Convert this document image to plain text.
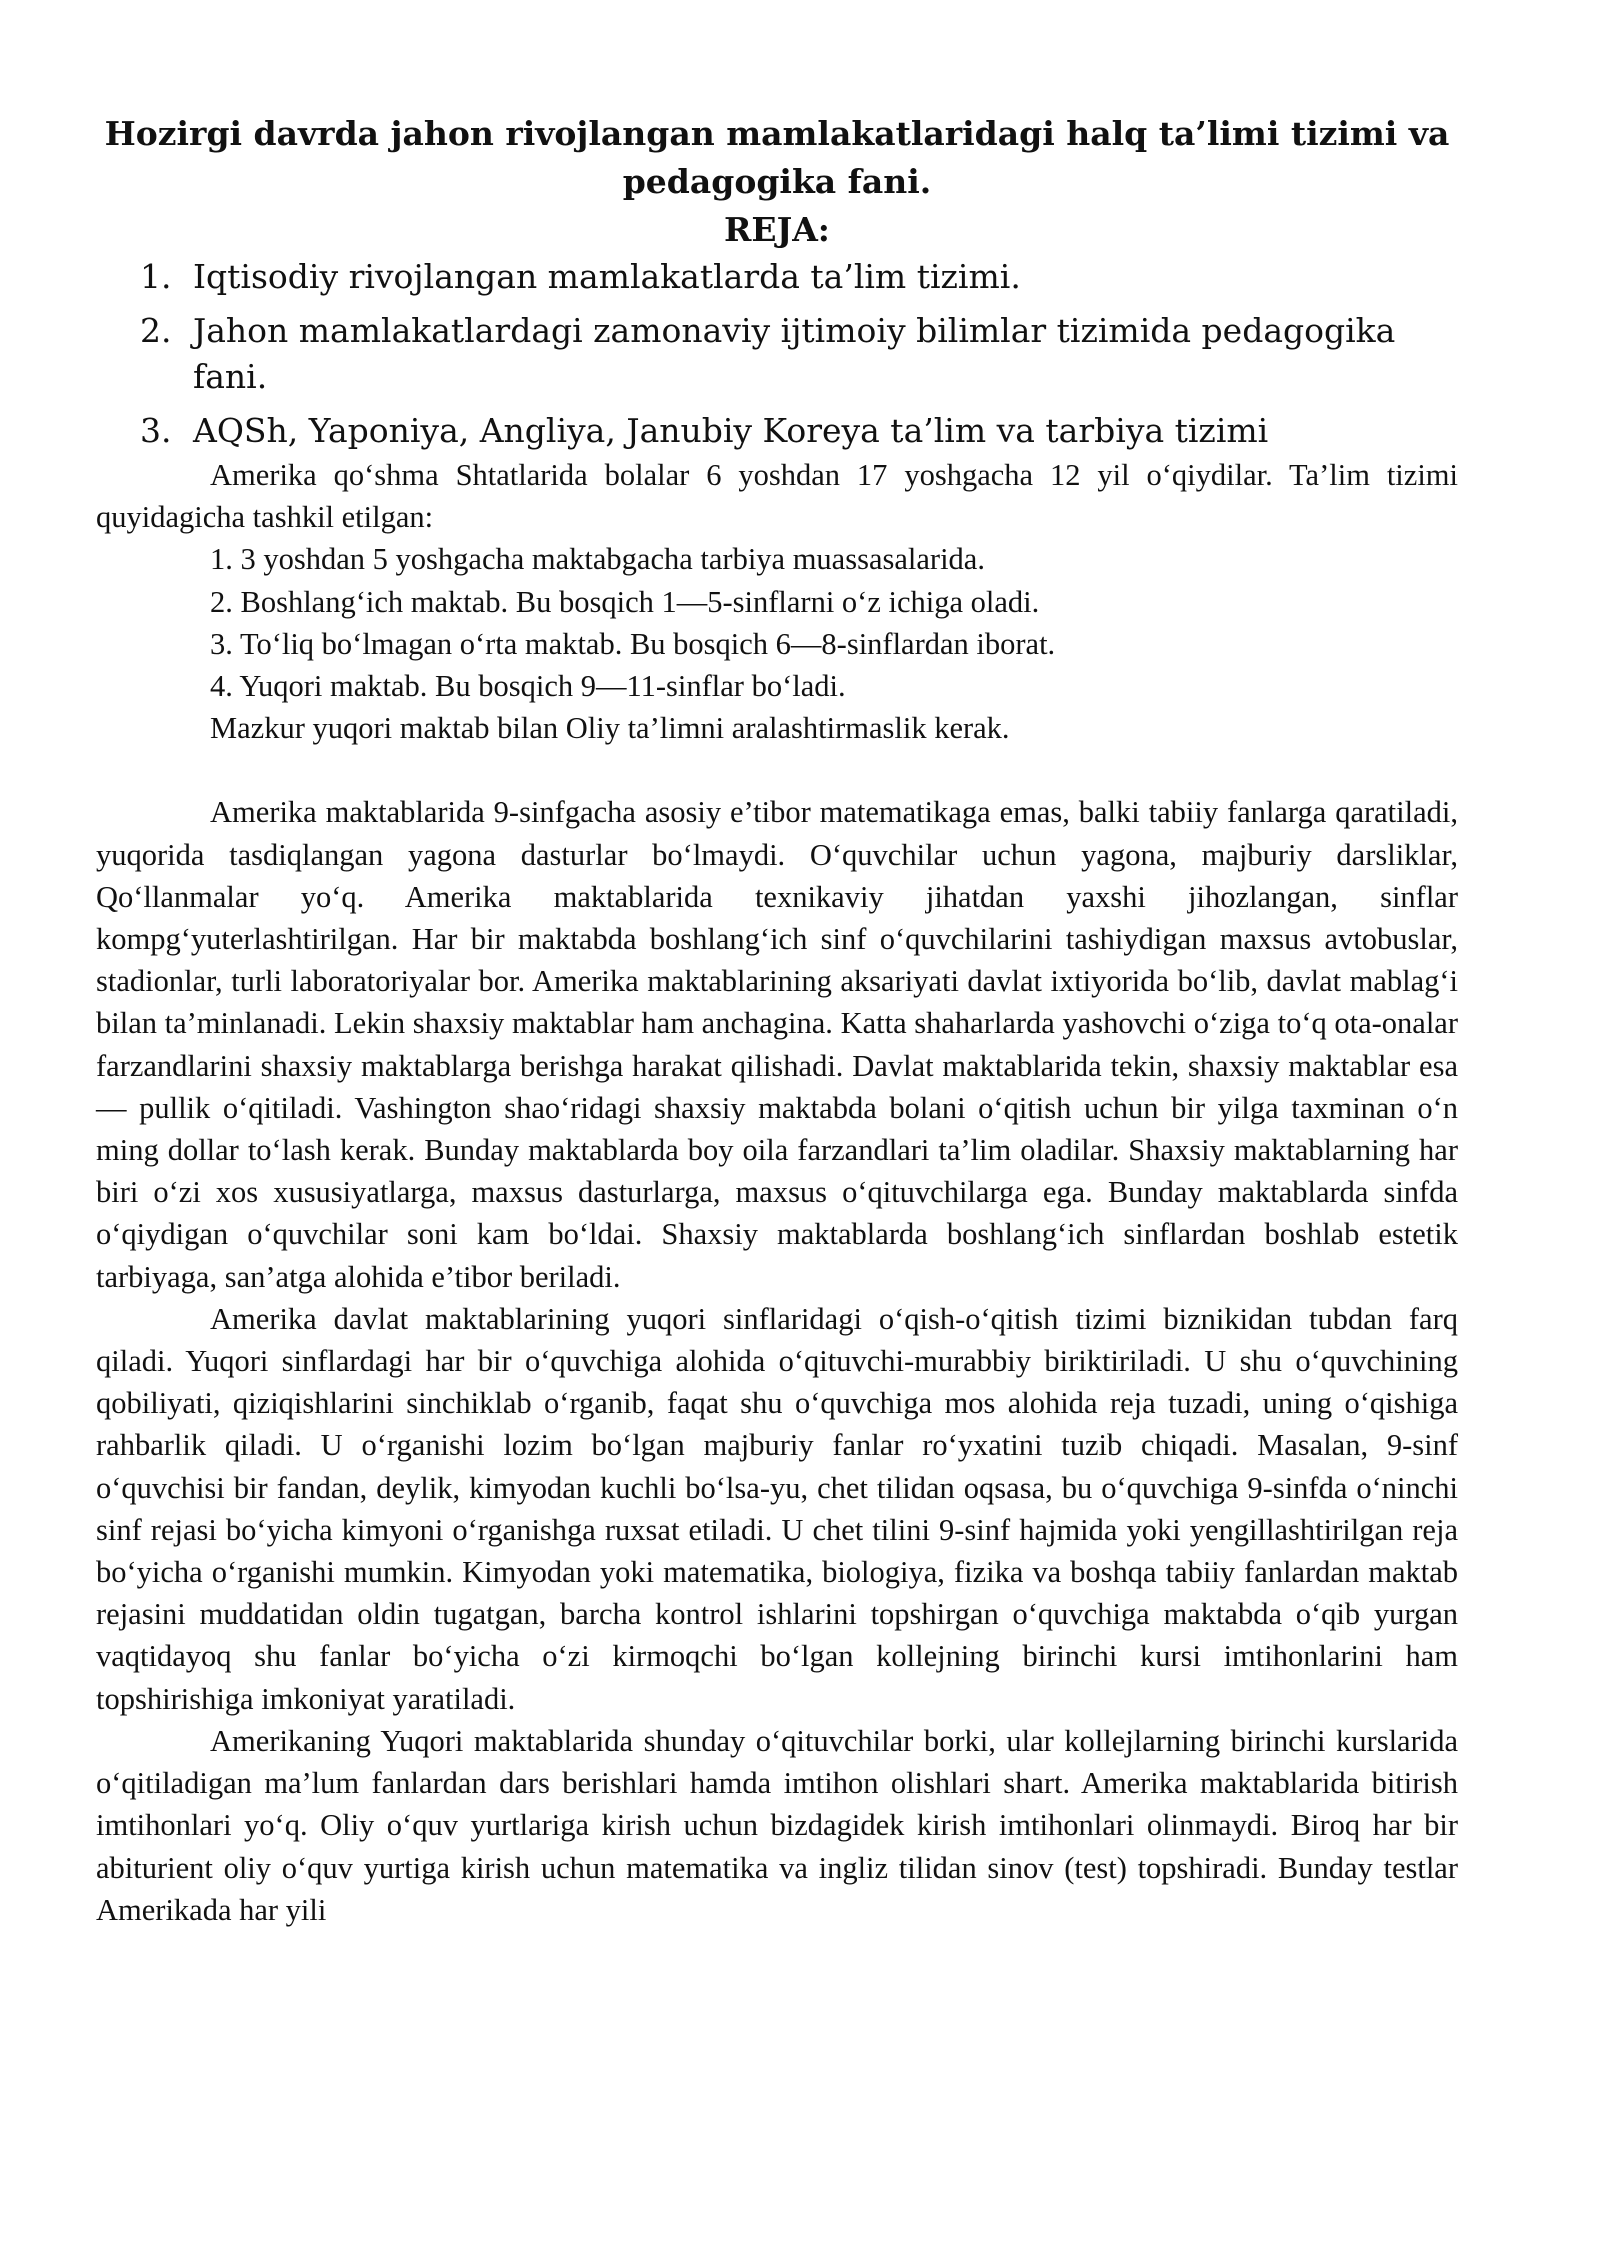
Hozirgi davrda jahon rivojlangan mamlakatlaridagi halq ta’limi tizimi va pedagogika fani.
REJA:
1. Iqtisodiy rivojlangan mamlakatlarda ta’lim tizimi.
2. Jahon mamlakatlardagi zamonaviy ijtimoiy bilimlar tizimida pedagogika fani.
3. AQSh, Yaponiya, Angliya, Janubiy Koreya ta’lim va tarbiya tizimi

Amerika qo‘shma Shtatlarida bolalar 6 yoshdan 17 yoshgacha 12 yil o‘qiydilar. Ta’lim tizimi quyidagicha tashkil etilgan:

1. 3 yoshdan 5 yoshgacha maktabgacha tarbiya muassasalarida.

2. Boshlang‘ich maktab. Bu bosqich 1—5-sinflarni o‘z ichiga oladi.

3. To‘liq bo‘lmagan o‘rta maktab. Bu bosqich 6—8-sinflardan iborat.

4. Yuqori maktab. Bu bosqich 9—11-sinflar bo‘ladi.

Mazkur yuqori maktab bilan Oliy ta’limni aralashtirmaslik kerak.

Amerika maktablarida 9-sinfgacha asosiy e’tibor matematikaga emas, balki tabiiy fanlarga qaratiladi, yuqorida tasdiqlangan yagona dasturlar bo‘lmaydi. O‘quvchilar uchun yagona, majburiy darsliklar, Qo‘llanmalar yo‘q. Amerika maktablarida texnikaviy jihatdan yaxshi jihozlangan, sinflar kompg‘yuterlashtirilgan. Har bir maktabda boshlang‘ich sinf o‘quvchilarini tashiydigan maxsus avtobuslar, stadionlar, turli laboratoriyalar bor. Amerika maktablarining aksariyati davlat ixtiyorida bo‘lib, davlat mablag‘i bilan ta’minlanadi. Lekin shaxsiy maktablar ham anchagina. Katta shaharlarda yashovchi o‘ziga to‘q ota-onalar farzandlarini shaxsiy maktablarga berishga harakat qilishadi. Davlat maktablarida tekin, shaxsiy maktablar esa — pullik o‘qitiladi. Vashington shao‘ridagi shaxsiy maktabda bolani o‘qitish uchun bir yilga taxminan o‘n ming dollar to‘lash kerak. Bunday maktablarda boy oila farzandlari ta’lim oladilar. Shaxsiy maktablarning har biri o‘zi xos xususiyatlarga, maxsus dasturlarga, maxsus o‘qituvchilarga ega. Bunday maktablarda sinfda o‘qiydigan o‘quvchilar soni kam bo‘ldai. Shaxsiy maktablarda boshlang‘ich sinflardan boshlab estetik tarbiyaga, san’atga alohida e’tibor beriladi.

Amerika davlat maktablarining yuqori sinflaridagi o‘qish-o‘qitish tizimi biznikidan tubdan farq qiladi. Yuqori sinflardagi har bir o‘quvchiga alohida o‘qituvchi-murabbiy biriktiriladi. U shu o‘quvchining qobiliyati, qiziqishlarini sinchiklab o‘rganib, faqat shu o‘quvchiga mos alohida reja tuzadi, uning o‘qishiga rahbarlik qiladi. U o‘rganishi lozim bo‘lgan majburiy fanlar ro‘yxatini tuzib chiqadi. Masalan, 9-sinf o‘quvchisi bir fandan, deylik, kimyodan kuchli bo‘lsa-yu, chet tilidan oqsasa, bu o‘quvchiga 9-sinfda o‘ninchi sinf rejasi bo‘yicha kimyoni o‘rganishga ruxsat etiladi. U chet tilini 9-sinf hajmida yoki yengillashtirilgan reja bo‘yicha o‘rganishi mumkin. Kimyodan yoki matematika, biologiya, fizika va boshqa tabiiy fanlardan maktab rejasini muddatidan oldin tugatgan, barcha kontrol ishlarini topshirgan o‘quvchiga maktabda o‘qib yurgan vaqtidayoq shu fanlar bo‘yicha o‘zi kirmoqchi bo‘lgan kollejning birinchi kursi imtihonlarini ham topshirishiga imkoniyat yaratiladi.

Amerikaning Yuqori maktablarida shunday o‘qituvchilar borki, ular kollejlarning birinchi kurslarida o‘qitiladigan ma’lum fanlardan dars berishlari hamda imtihon olishlari shart. Amerika maktablarida bitirish imtihonlari yo‘q. Oliy o‘quv yurtlariga kirish uchun bizdagidek kirish imtihonlari olinmaydi. Biroq har bir abiturient oliy o‘quv yurtiga kirish uchun matematika va ingliz tilidan sinov (test) topshiradi. Bunday testlar Amerikada har yili
